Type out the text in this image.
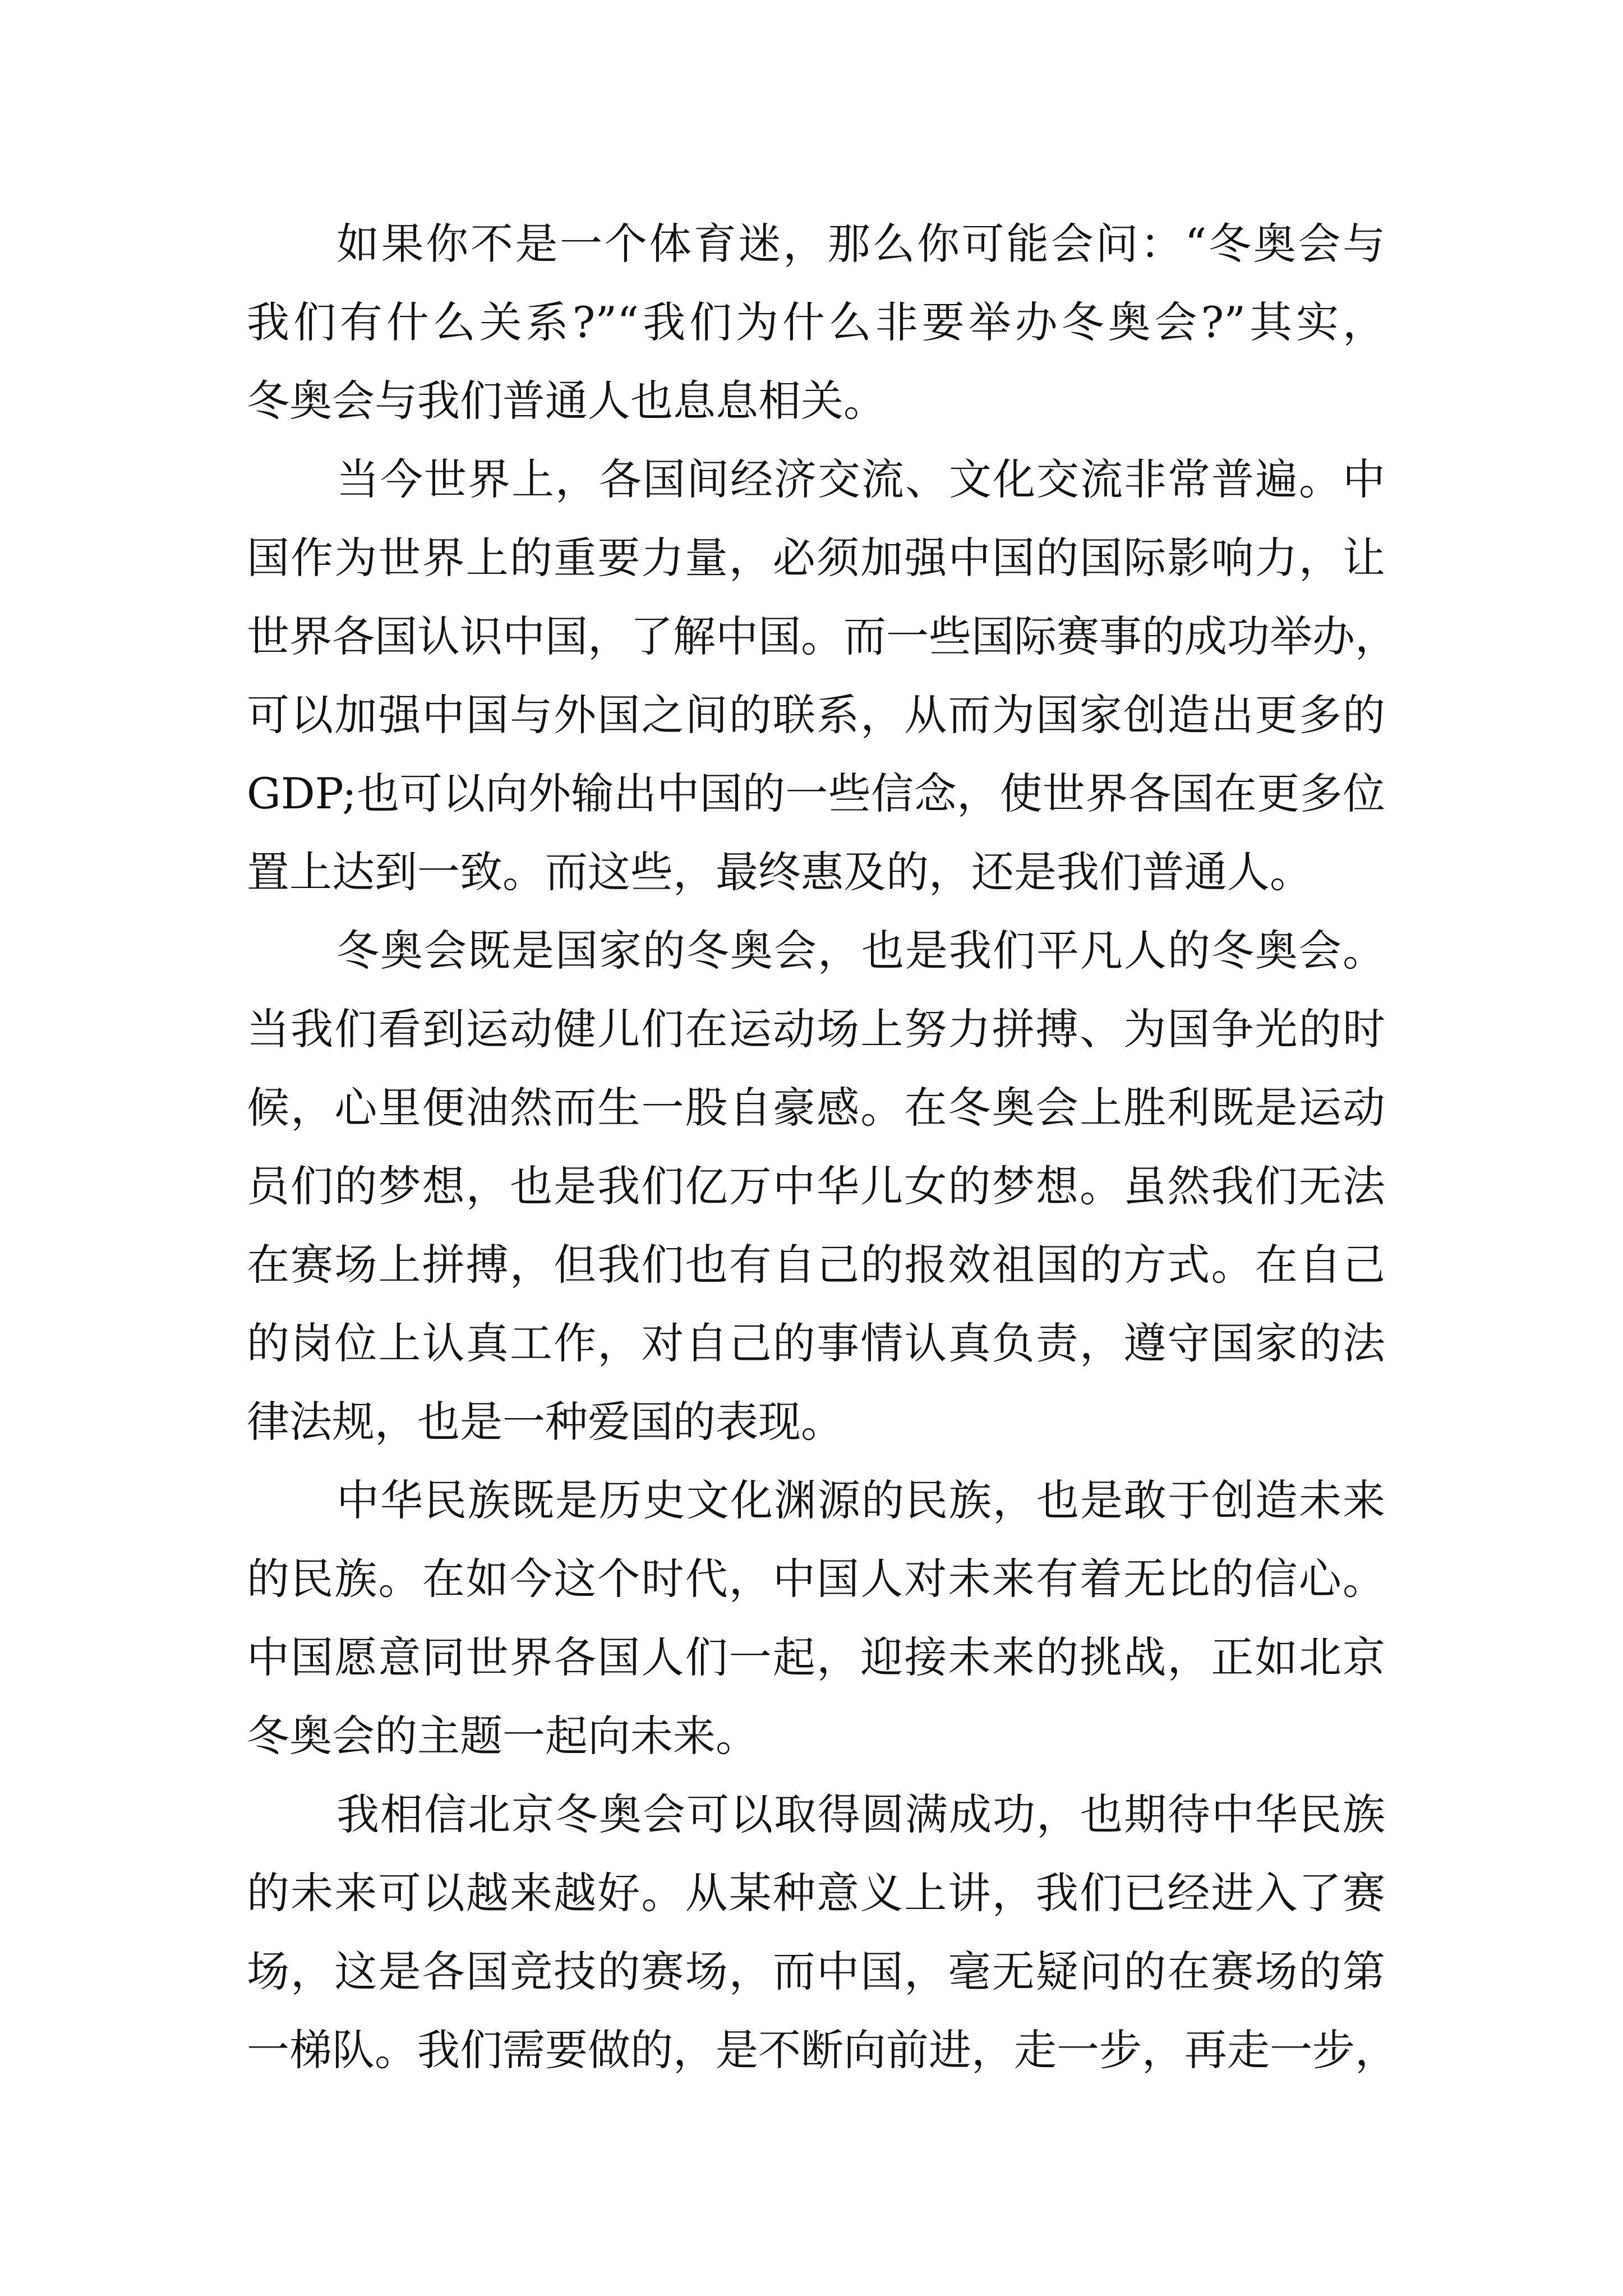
如果你不是一个体育迷，那么你可能会问：“冬奥会与
我们有什么关系?”“我们为什么非要举办冬奥会?”其实，
冬奥会与我们普通人也息息相关。
当今世界上，各国间经济交流、文化交流非常普遍。中
国作为世界上的重要力量，必须加强中国的国际影响力，让
世界各国认识中国，了解中国。而一些国际赛事的成功举办，
可以加强中国与外国之间的联系，从而为国家创造出更多的
GDP;也可以向外输出中国的一些信念，使世界各国在更多位
置上达到一致。而这些，最终惠及的，还是我们普通人。
冬奥会既是国家的冬奥会，也是我们平凡人的冬奥会。
当我们看到运动健儿们在运动场上努力拼搏、为国争光的时
候，心里便油然而生一股自豪感。在冬奥会上胜利既是运动
员们的梦想，也是我们亿万中华儿女的梦想。虽然我们无法
在赛场上拼搏，但我们也有自己的报效祖国的方式。在自己
的岗位上认真工作，对自己的事情认真负责，遵守国家的法
律法规，也是一种爱国的表现。
中华民族既是历史文化渊源的民族，也是敢于创造未来
的民族。在如今这个时代，中国人对未来有着无比的信心。
中国愿意同世界各国人们一起，迎接未来的挑战，正如北京
冬奥会的主题一起向未来。
我相信北京冬奥会可以取得圆满成功，也期待中华民族
的未来可以越来越好。从某种意义上讲，我们已经进入了赛
场，这是各国竞技的赛场，而中国，毫无疑问的在赛场的第
一梯队。我们需要做的，是不断向前进，走一步，再走一步，
